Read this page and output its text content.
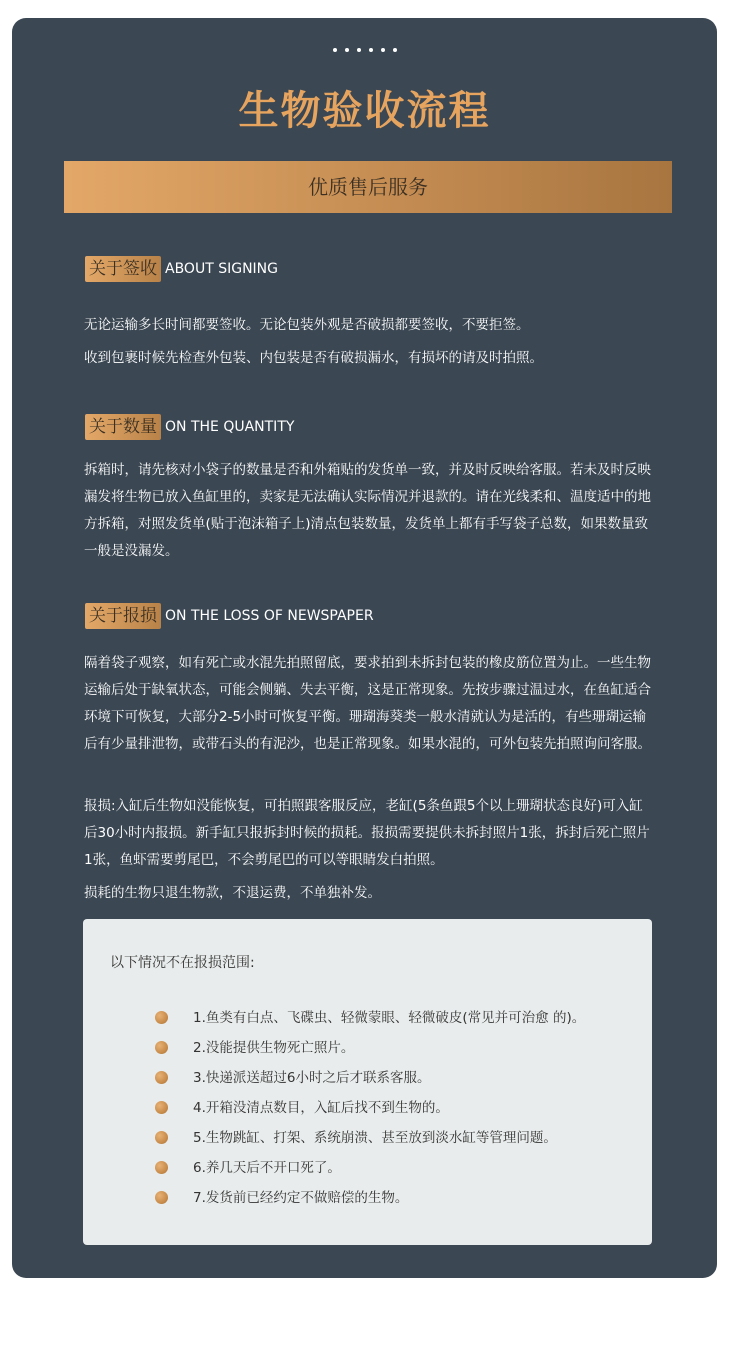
生物验收流程
优质售后服务
关于签收 ABOUT SIGNING

无论运输多长时间都要签收。无论包装外观是否破损都要签收，不要拒签。

收到包裹时候先检查外包装、内包装是否有破损漏水，有损坏的请及时拍照。

关于数量 ON THE QUANTITY

拆箱时，请先核对小袋子的数量是否和外箱贴的发货单一致，并及时反映给客服。若未及时反映漏发将生物已放入鱼缸里的，卖家是无法确认实际情况并退款的。请在光线柔和、温度适中的地方拆箱，对照发货单(贴于泡沫箱子上)清点包装数量，发货单上都有手写袋子总数，如果数量致一般是没漏发。

关于报损 ON THE LOSS OF NEWSPAPER

隔着袋子观察，如有死亡或水混先拍照留底，要求拍到未拆封包装的橡皮筋位置为止。一些生物运输后处于缺氧状态，可能会侧躺、失去平衡，这是正常现象。先按步骤过温过水，在鱼缸适合环境下可恢复，大部分2-5小时可恢复平衡。珊瑚海葵类一般水清就认为是活的，有些珊瑚运输后有少量排泄物，或带石头的有泥沙，也是正常现象。如果水混的，可外包装先拍照询问客服。

报损:入缸后生物如没能恢复，可拍照跟客服反应，老缸(5条鱼跟5个以上珊瑚状态良好)可入缸后30小时内报损。新手缸只报拆封时候的损耗。报损需要提供未拆封照片1张，拆封后死亡照片1张，鱼虾需要剪尾巴，不会剪尾巴的可以等眼睛发白拍照。

损耗的生物只退生物款，不退运费，不单独补发。

以下情况不在报损范围:
1.鱼类有白点、飞碟虫、轻微蒙眼、轻微破皮(常见并可治愈 的)。
2.没能提供生物死亡照片。
3.快递派送超过6小时之后才联系客服。
4.开箱没清点数目，入缸后找不到生物的。
5.生物跳缸、打架、系统崩溃、甚至放到淡水缸等管理问题。
6.养几天后不开口死了。
7.发货前已经约定不做赔偿的生物。
